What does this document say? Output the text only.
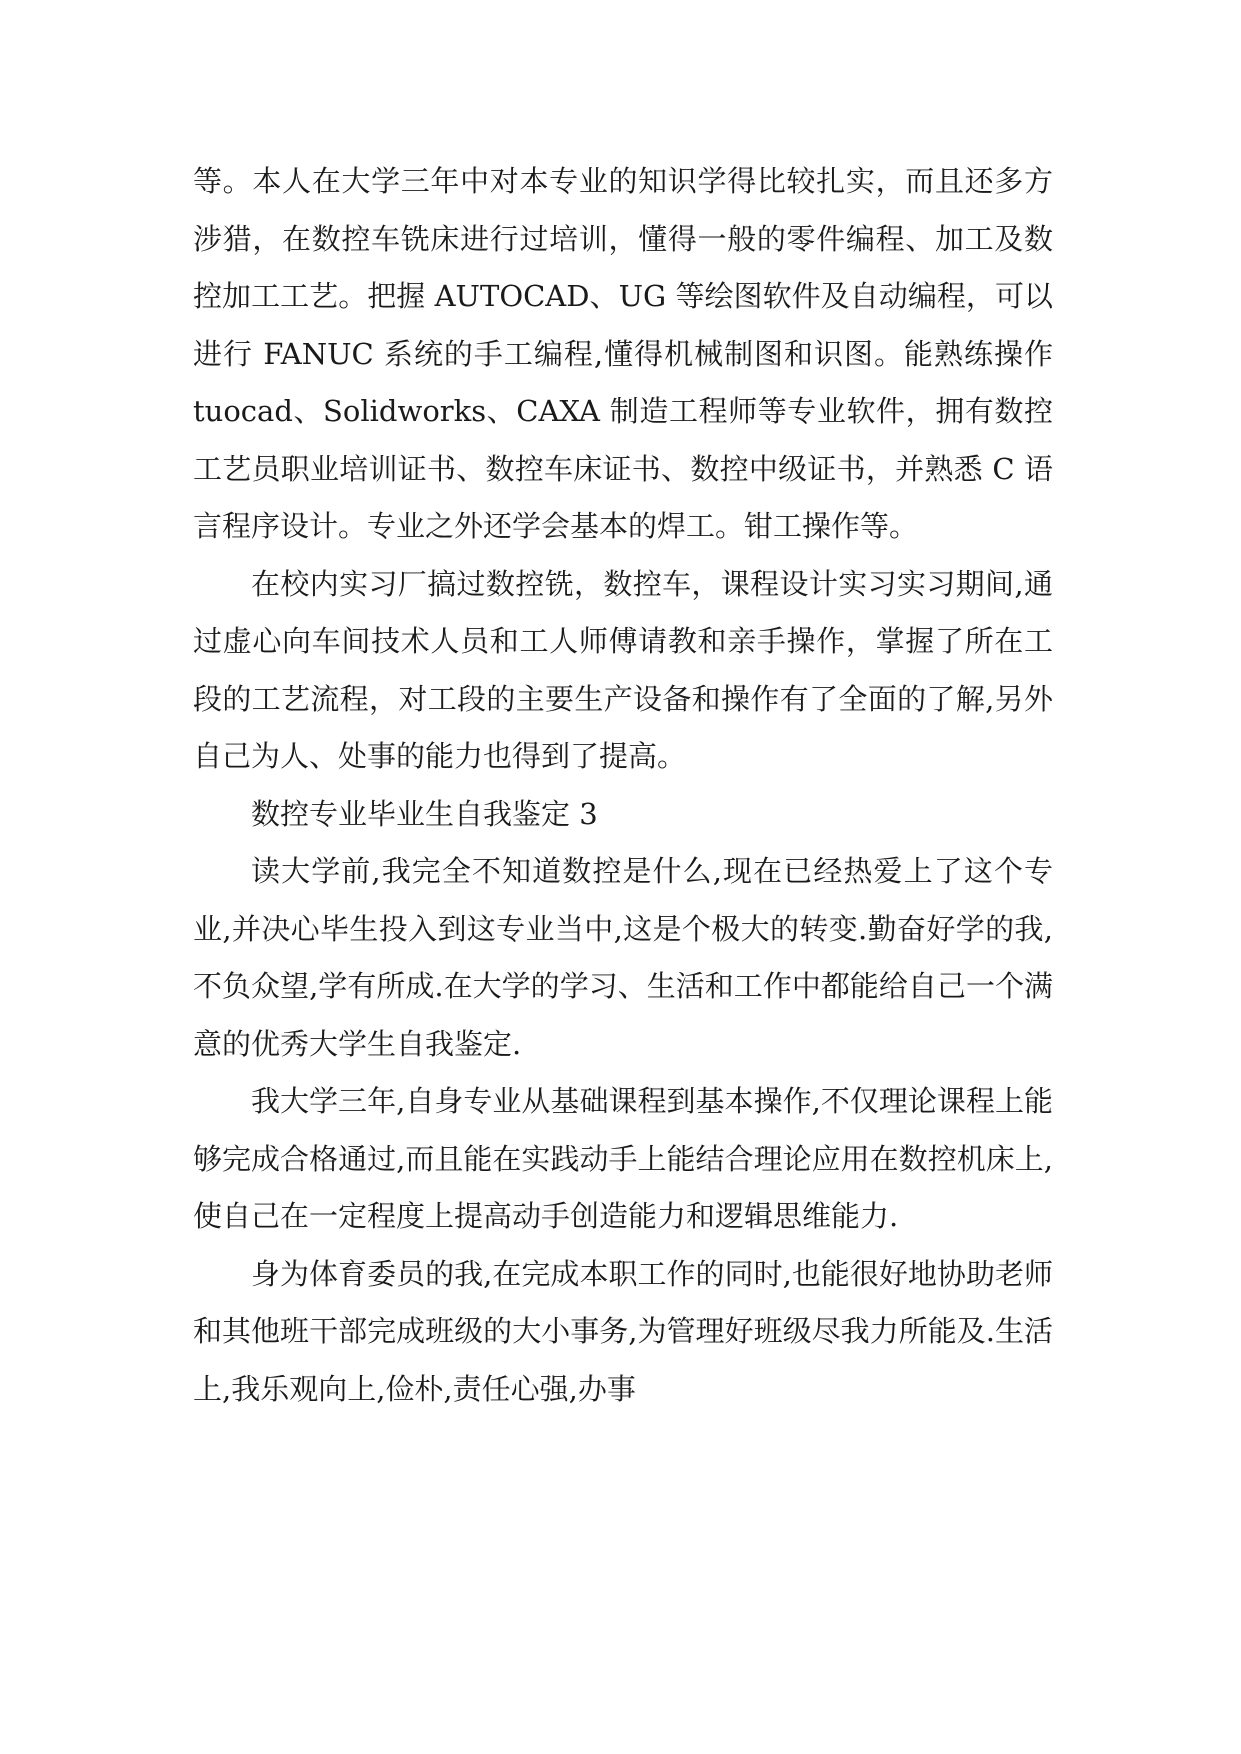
等。本人在大学三年中对本专业的知识学得比较扎实，而且还多方涉猎，在数控车铣床进行过培训，懂得一般的零件编程、加工及数控加工工艺。把握 AUTOCAD、UG 等绘图软件及自动编程，可以进行 FANUC 系统的手工编程,懂得机械制图和识图。能熟练操作 tuocad、Solidworks、CAXA 制造工程师等专业软件，拥有数控工艺员职业培训证书、数控车床证书、数控中级证书，并熟悉 C 语言程序设计。专业之外还学会基本的焊工。钳工操作等。

在校内实习厂搞过数控铣，数控车，课程设计实习实习期间,通过虚心向车间技术人员和工人师傅请教和亲手操作，掌握了所在工段的工艺流程，对工段的主要生产设备和操作有了全面的了解,另外自己为人、处事的能力也得到了提高。

数控专业毕业生自我鉴定 3

读大学前,我完全不知道数控是什么,现在已经热爱上了这个专业,并决心毕生投入到这专业当中,这是个极大的转变.勤奋好学的我,不负众望,学有所成.在大学的学习、生活和工作中都能给自己一个满意的优秀大学生自我鉴定.

我大学三年,自身专业从基础课程到基本操作,不仅理论课程上能够完成合格通过,而且能在实践动手上能结合理论应用在数控机床上,使自己在一定程度上提高动手创造能力和逻辑思维能力.

身为体育委员的我,在完成本职工作的同时,也能很好地协助老师和其他班干部完成班级的大小事务,为管理好班级尽我力所能及.生活上,我乐观向上,俭朴,责任心强,办事
